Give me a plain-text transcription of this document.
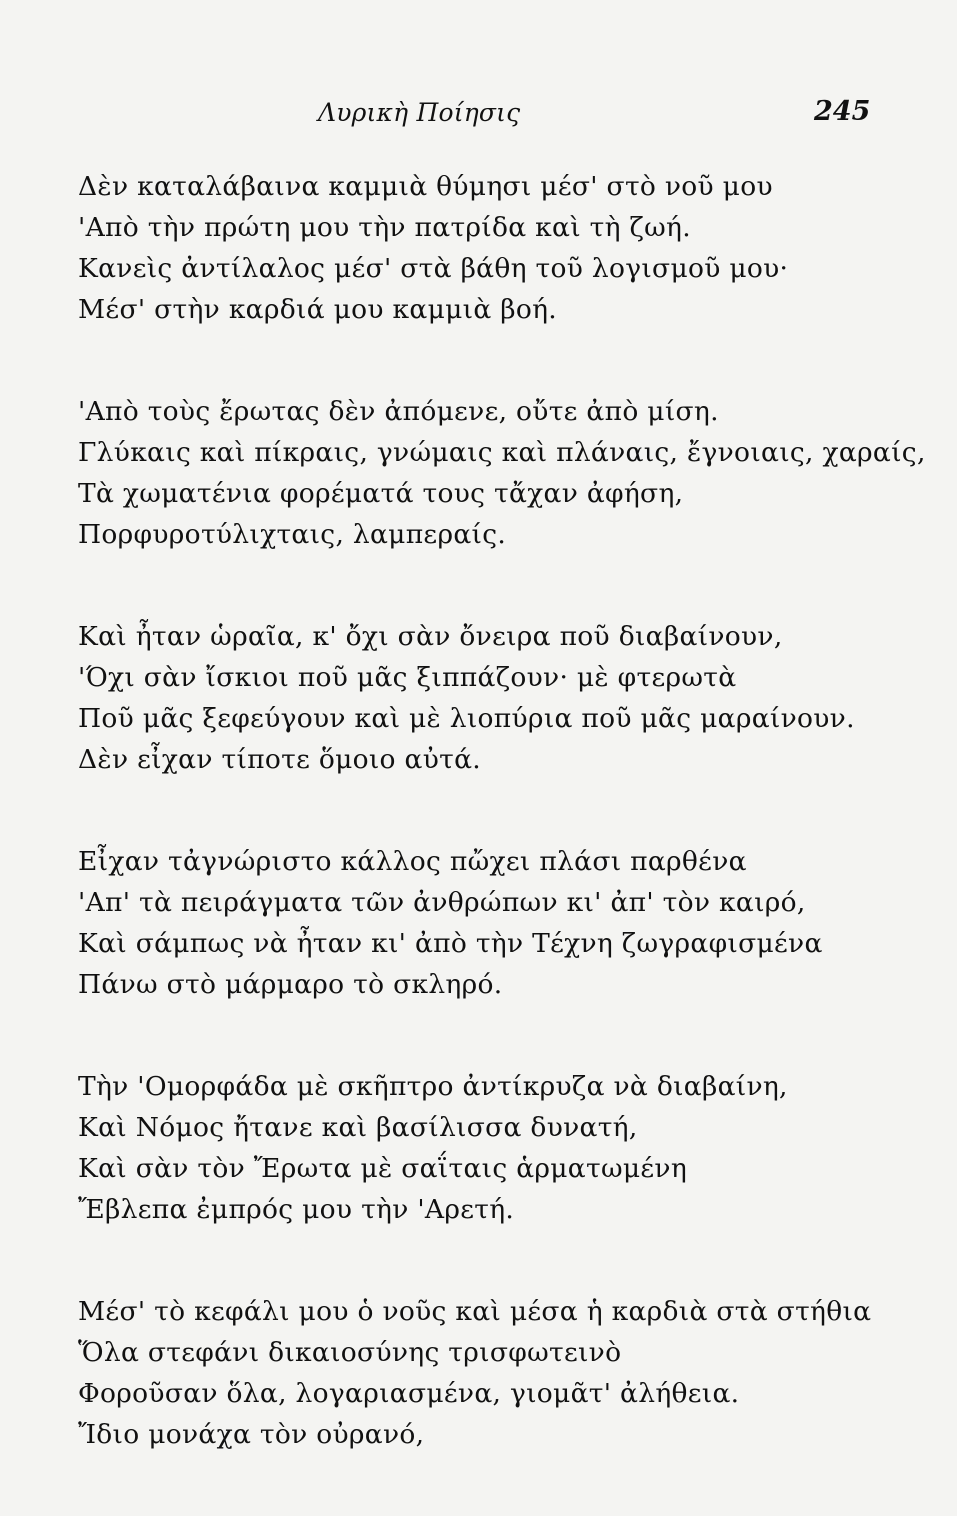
Λυρικὴ Ποίησις	245
Δὲν καταλάβαινα καμμιὰ θύμησι μέσ' στὸ νοῦ μου
'Απὸ τὴν πρώτη μου τὴν πατρίδα καὶ τὴ ζωή.
Κανεὶς ἀντίλαλος μέσ' στὰ βάθη τοῦ λογισμοῦ μου·
Μέσ' στὴν καρδιά μου καμμιὰ βοή.
'Απὸ τοὺς ἔρωτας δὲν ἀπόμενε, οὔτε ἀπὸ μίση.
Γλύκαις καὶ πίκραις, γνώμαις καὶ πλάναις, ἔγνοιαις, χαραίς,
Τὰ χωματένια φορέματά τους τἄχαν ἀφήση,
Πορφυροτύλιχταις, λαμπεραίς.
Καὶ ἦταν ὡραῖα, κ' ὄχι σὰν ὄνειρα ποῦ διαβαίνουν,
'Όχι σὰν ἴσκιοι ποῦ μᾶς ξιππάζουν· μὲ φτερωτὰ
Ποῦ μᾶς ξεφεύγουν καὶ μὲ λιοπύρια ποῦ μᾶς μαραίνουν.
Δὲν εἶχαν τίποτε ὅμοιο αὐτά.
Εἶχαν τἀγνώριστο κάλλος πὤχει πλάσι παρθένα
'Απ' τὰ πειράγματα τῶν ἀνθρώπων κι' ἀπ' τὸν καιρό,
Καὶ σάμπως νὰ ἦταν κι' ἀπὸ τὴν Τέχνη ζωγραφισμένα
Πάνω στὸ μάρμαρο τὸ σκληρό.
Τὴν 'Ομορφάδα μὲ σκῆπτρο ἀντίκρυζα νὰ διαβαίνη,
Καὶ Νόμος ἤτανε καὶ βασίλισσα δυνατή,
Καὶ σὰν τὸν Ἔρωτα μὲ σαΐταις ἁρματωμένη
Ἔβλεπα ἐμπρός μου τὴν 'Αρετή.
Μέσ' τὸ κεφάλι μου ὁ νοῦς καὶ μέσα ἡ καρδιὰ στὰ στήθια
Ὅλα στεφάνι δικαιοσύνης τρισφωτεινὸ
Φοροῦσαν ὅλα, λογαριασμένα, γιομᾶτ' ἀλήθεια.
Ἴδιο μονάχα τὸν οὐρανό,
